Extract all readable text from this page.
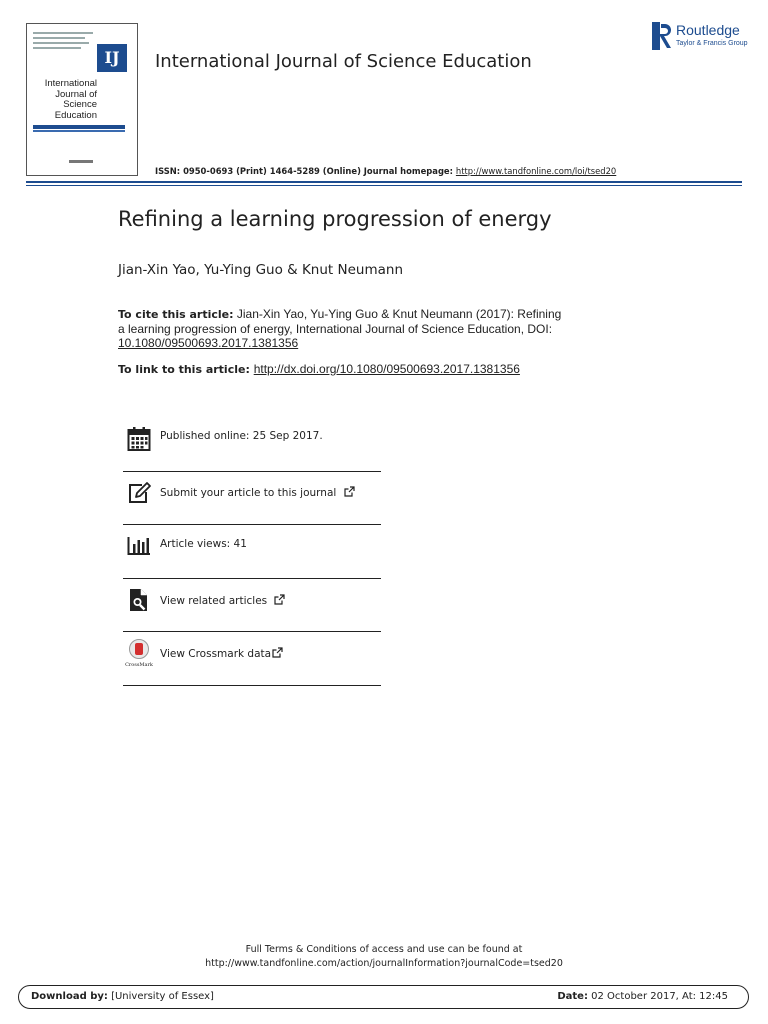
IJ
International
Journal of
Science
Education
International Journal of Science Education
Routledge
Taylor & Francis Group
ISSN: 0950-0693 (Print) 1464-5289 (Online) Journal homepage: http://www.tandfonline.com/loi/tsed20
Refining a learning progression of energy
Jian-Xin Yao, Yu-Ying Guo & Knut Neumann
To cite this article: Jian-Xin Yao, Yu-Ying Guo & Knut Neumann (2017): Refining a learning progression of energy, International Journal of Science Education, DOI: 10.1080/09500693.2017.1381356
To link to this article: http://dx.doi.org/10.1080/09500693.2017.1381356
Published online: 25 Sep 2017.
Submit your article to this journal
Article views: 41
View related articles
CrossMark
View Crossmark data
Full Terms & Conditions of access and use can be found at
http://www.tandfonline.com/action/journalInformation?journalCode=tsed20
Download by: [University of Essex]	Date: 02 October 2017, At: 12:45
